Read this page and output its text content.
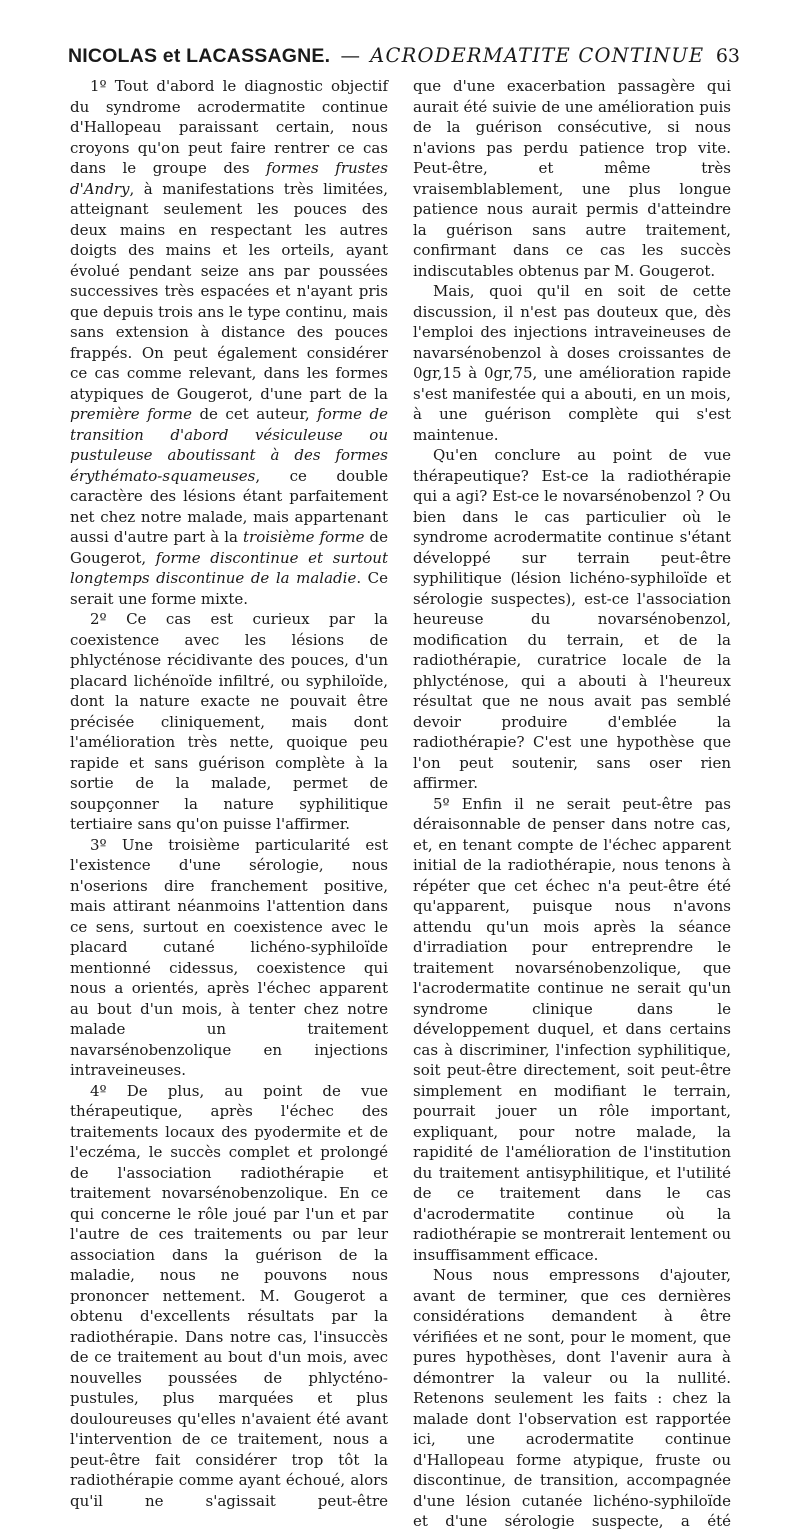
NICOLAS et LACASSAGNE. — ACRODERMATITE CONTINUE 63

1º Tout d'abord le diagnostic objectif du syndrome acrodermatite continue d'Hallopeau paraissant certain, nous croyons qu'on peut faire rentrer ce cas dans le groupe des formes frustes d'Andry, à manifestations très limitées, atteignant seulement les pouces des deux mains en respectant les autres doigts des mains et les orteils, ayant évolué pendant seize ans par poussées successives très espacées et n'ayant pris que depuis trois ans le type continu, mais sans extension à distance des pouces frappés. On peut également considérer ce cas comme relevant, dans les formes atypiques de Gougerot, d'une part de la première forme de cet auteur, forme de transition d'abord vésiculeuse ou pustuleuse aboutissant à des formes érythémato-squameuses, ce double caractère des lésions étant parfaitement net chez notre malade, mais appartenant aussi d'autre part à la troisième forme de Gougerot, forme discontinue et surtout longtemps discontinue de la maladie. Ce serait une forme mixte.

2º Ce cas est curieux par la coexistence avec les lésions de phlycténose récidivante des pouces, d'un placard lichénoïde infiltré, ou syphiloïde, dont la nature exacte ne pouvait être précisée cliniquement, mais dont l'amélioration très nette, quoique peu rapide et sans guérison complète à la sortie de la malade, permet de soupçonner la nature syphilitique tertiaire sans qu'on puisse l'affirmer.

3º Une troisième particularité est l'existence d'une sérologie, nous n'oserions dire franchement positive, mais attirant néanmoins l'attention dans ce sens, surtout en coexistence avec le placard cutané lichéno-syphiloïde mentionné cidessus, coexistence qui nous a orientés, après l'échec apparent au bout d'un mois, à tenter chez notre malade un traitement navarsénobenzolique en injections intraveineuses.

4º De plus, au point de vue thérapeutique, après l'échec des traitements locaux des pyodermite et de l'eczéma, le succès complet et prolongé de l'association radiothérapie et traitement novarsénobenzolique. En ce qui concerne le rôle joué par l'un et par l'autre de ces traitements ou par leur association dans la guérison de la maladie, nous ne pouvons nous prononcer nettement. M. Gougerot a obtenu d'excellents résultats par la radiothérapie. Dans notre cas, l'insuccès de ce traitement au bout d'un mois, avec nouvelles poussées de phlycténo-pustules, plus marquées et plus douloureuses qu'elles n'avaient été avant l'intervention de ce traitement, nous a peut-être fait considérer trop tôt la radiothérapie comme ayant échoué, alors qu'il ne s'agissait peut-être

que d'une exacerbation passagère qui aurait été suivie de une amélioration puis de la guérison consécutive, si nous n'avions pas perdu patience trop vite. Peut-être, et même très vraisemblablement, une plus longue patience nous aurait permis d'atteindre la guérison sans autre traitement, confirmant dans ce cas les succès indiscutables obtenus par M. Gougerot.

Mais, quoi qu'il en soit de cette discussion, il n'est pas douteux que, dès l'emploi des injections intraveineuses de navarsénobenzol à doses croissantes de 0gr,15 à 0gr,75, une amélioration rapide s'est manifestée qui a abouti, en un mois, à une guérison complète qui s'est maintenue.

Qu'en conclure au point de vue thérapeutique? Est-ce la radiothérapie qui a agi? Est-ce le novarsénobenzol ? Ou bien dans le cas particulier où le syndrome acrodermatite continue s'étant développé sur terrain peut-être syphilitique (lésion lichéno-syphiloïde et sérologie suspectes), est-ce l'association heureuse du novarsénobenzol, modification du terrain, et de la radiothérapie, curatrice locale de la phlycténose, qui a abouti à l'heureux résultat que ne nous avait pas semblé devoir produire d'emblée la radiothérapie? C'est une hypothèse que l'on peut soutenir, sans oser rien affirmer.

5º Enfin il ne serait peut-être pas déraisonnable de penser dans notre cas, et, en tenant compte de l'échec apparent initial de la radiothérapie, nous tenons à répéter que cet échec n'a peut-être été qu'apparent, puisque nous n'avons attendu qu'un mois après la séance d'irradiation pour entreprendre le traitement novarsénobenzolique, que l'acrodermatite continue ne serait qu'un syndrome clinique dans le développement duquel, et dans certains cas à discriminer, l'infection syphilitique, soit peut-être directement, soit peut-être simplement en modifiant le terrain, pourrait jouer un rôle important, expliquant, pour notre malade, la rapidité de l'amélioration de l'institution du traitement antisyphilitique, et l'utilité de ce traitement dans le cas d'acrodermatite continue où la radiothérapie se montrerait lentement ou insuffisamment efficace.

Nous nous empressons d'ajouter, avant de terminer, que ces dernières considérations demandent à être vérifiées et ne sont, pour le moment, que pures hypothèses, dont l'avenir aura à démontrer la valeur ou la nullité. Retenons seulement les faits : chez la malade dont l'observation est rapportée ici, une acrodermatite continue d'Hallopeau forme atypique, fruste ou discontinue, de transition, accompagnée d'une lésion cutanée lichéno-syphiloïde et d'une sérologie suspecte, a été
